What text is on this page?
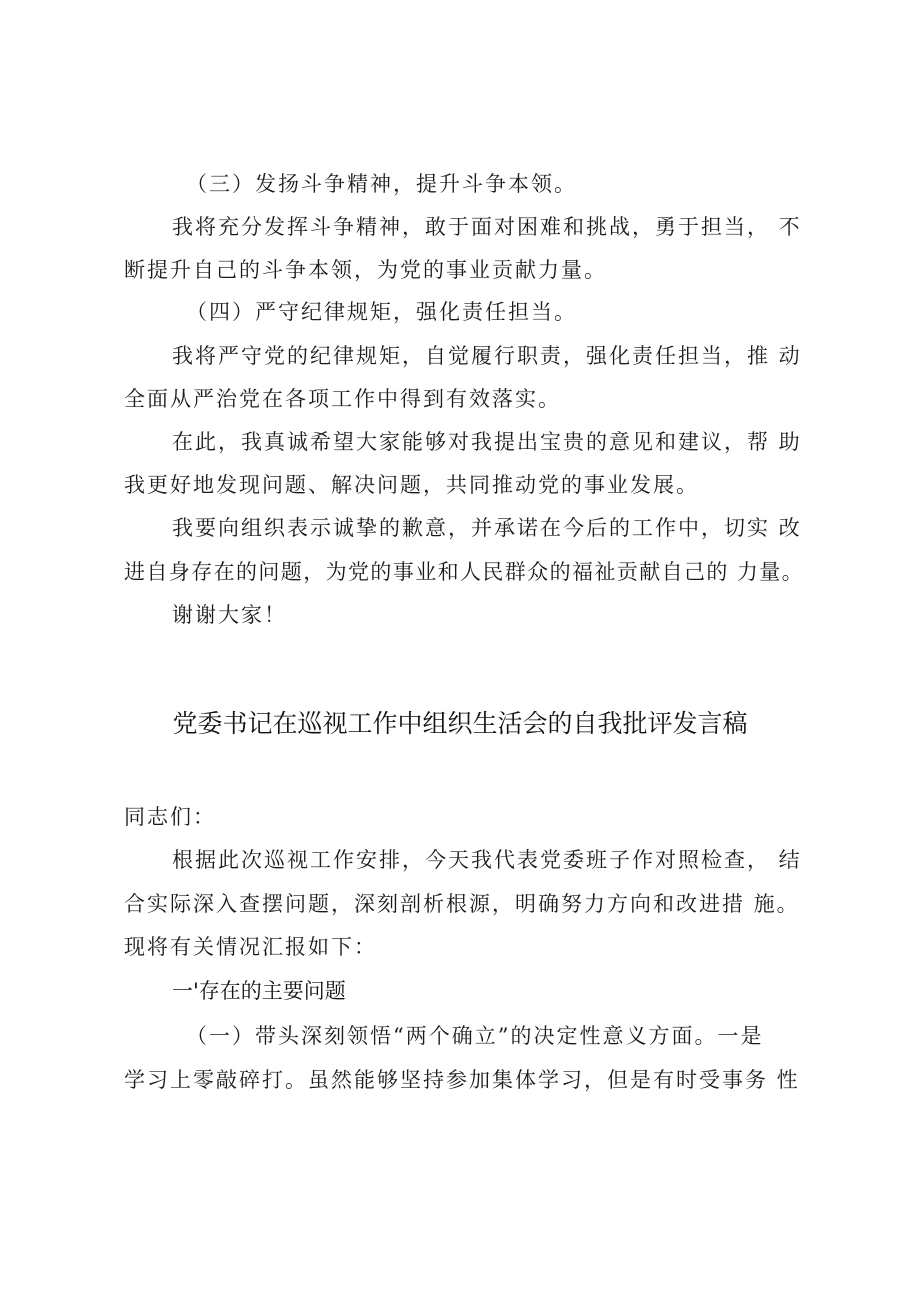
（三）发扬斗争精神，提升斗争本领。
我将充分发挥斗争精神，敢于面对困难和挑战，勇于担当， 不
断提升自己的斗争本领，为党的事业贡献力量。
（四）严守纪律规矩，强化责任担当。
我将严守党的纪律规矩，自觉履行职责，强化责任担当，推 动
全面从严治党在各项工作中得到有效落实。
在此，我真诚希望大家能够对我提出宝贵的意见和建议，帮 助
我更好地发现问题、解决问题，共同推动党的事业发展。
我要向组织表示诚挚的歉意，并承诺在今后的工作中，切实 改
进自身存在的问题，为党的事业和人民群众的福祉贡献自己的 力量。
谢谢大家！
党委书记在巡视工作中组织生活会的自我批评发言稿
同志们：
根据此次巡视工作安排，今天我代表党委班子作对照检查， 结
合实际深入查摆问题，深刻剖析根源，明确努力方向和改进措 施。
现将有关情况汇报如下：
一'存在的主要问题
（一）带头深刻领悟“两个确立”的决定性意义方面。一是
学习上零敲碎打。虽然能够坚持参加集体学习，但是有时受事务 性
